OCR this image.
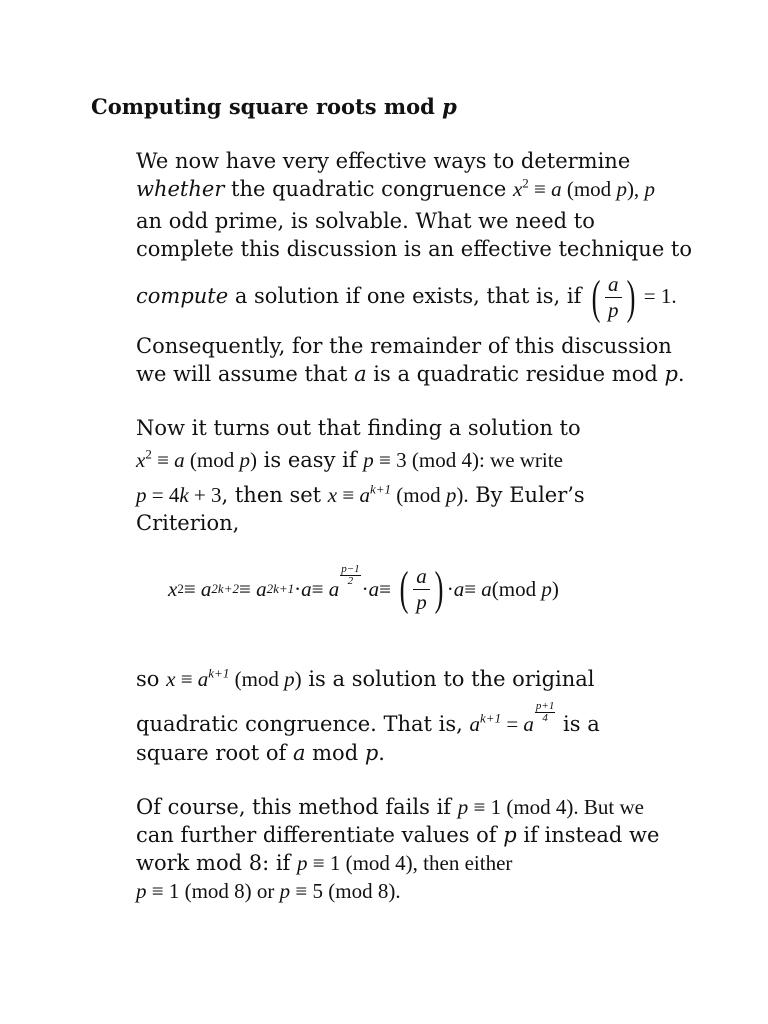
Computing square roots mod p

We now have very effective ways to determine

whether the quadratic congruence $x^2 \equiv a$ (mod p), p

an odd prime, is solvable. What we need to

complete this discussion is an effective technique to

compute a solution if one exists, that is, if ( $\frac{a}{p}$ ) = 1.

Consequently, for the remainder of this discussion

we will assume that a is a quadratic residue mod p.

Now it turns out that finding a solution to

$x^2 \equiv a$ (mod p) is easy if p ≡ 3 (mod 4): we write

p = 4k + 3, then set $x \equiv a^{k+1}$ (mod p). By Euler’s

Criterion,

x 2 ≡
a 2k+2 ≡
a 2k+1 · a ≡
a
$\frac{p-1}{2}$
· a ≡
( $\frac{a}{p}$ ) · a ≡
a (mod
p )

so $x \equiv a^{k+1}$ (mod p) is a solution to the original

quadratic congruence. That is, $a^{k+1} = a \frac{p+1}{4}$ is a

square root of a mod p.

Of course, this method fails if p ≡ 1 (mod 4). But we

can further differentiate values of p if instead we

work mod 8: if p ≡ 1 (mod 4), then either

p ≡ 1 (mod 8) or p ≡ 5 (mod 8).
